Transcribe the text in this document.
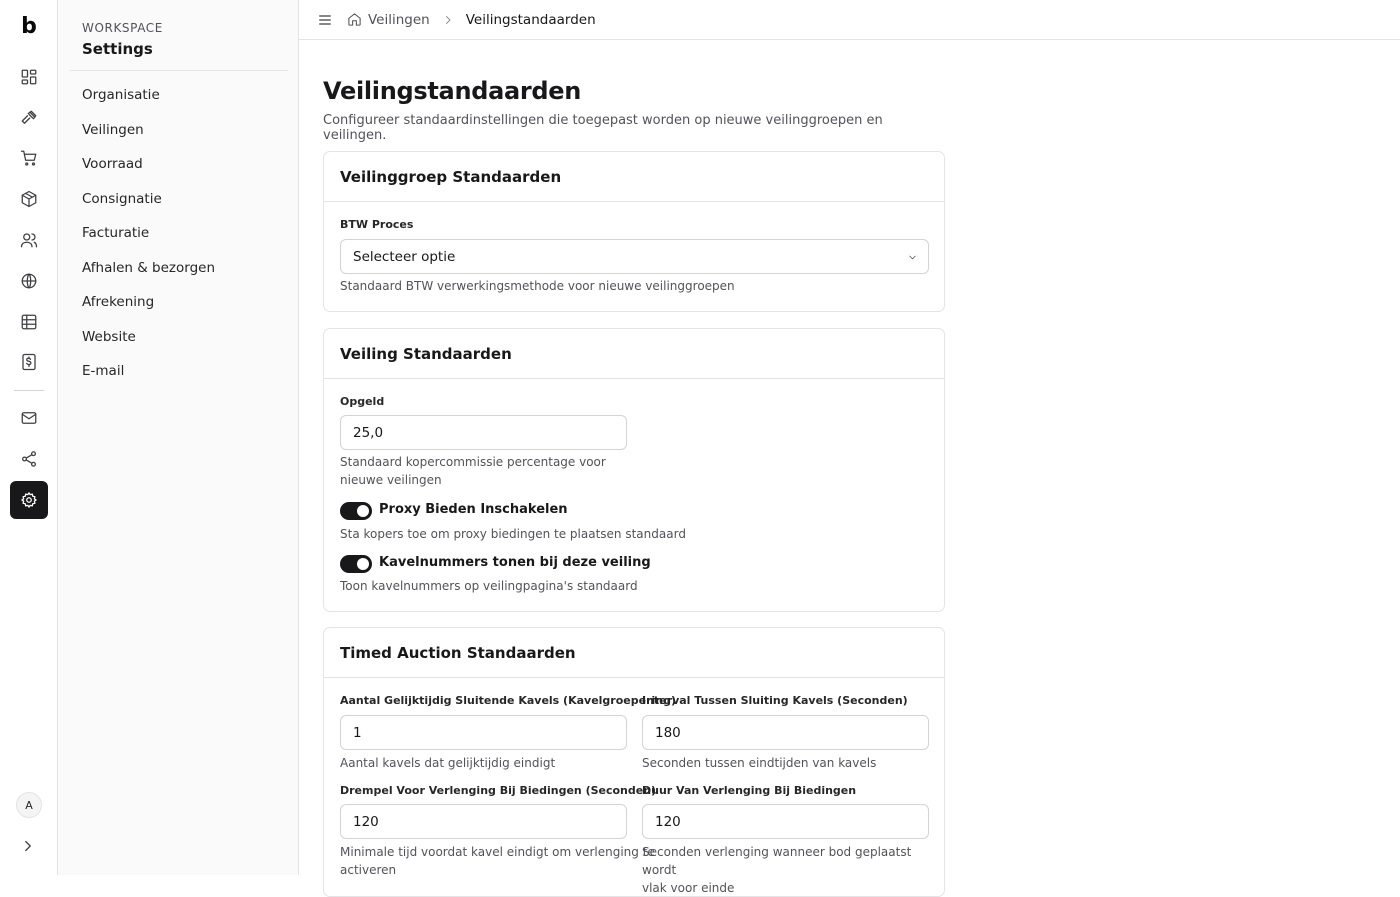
b
A
WORKSPACE
Settings
Organisatie
Veilingen
Voorraad
Consignatie
Facturatie
Afhalen & bezorgen
Afrekening
Website
E-mail
Veilingen	Veilingstandaarden
Veilingstandaarden

Configureer standaardinstellingen die toegepast worden op nieuwe veilinggroepen en veilingen.

Veilinggroep Standaarden
BTW Proces
Selecteer optie
Standaard BTW verwerkingsmethode voor nieuwe veilinggroepen
Veiling Standaarden
Opgeld
25,0
Standaard kopercommissie percentage voor
nieuwe veilingen
Proxy Bieden Inschakelen
Sta kopers toe om proxy biedingen te plaatsen standaard
Kavelnummers tonen bij deze veiling
Toon kavelnummers op veilingpagina's standaard
Timed Auction Standaarden
Aantal Gelijktijdig Sluitende Kavels (Kavelgroepering)
1
Aantal kavels dat gelijktijdig eindigt
Interval Tussen Sluiting Kavels (Seconden)
180
Seconden tussen eindtijden van kavels
Drempel Voor Verlenging Bij Biedingen (Seconden)
120
Minimale tijd voordat kavel eindigt om verlenging te
activeren
Duur Van Verlenging Bij Biedingen
120
Seconden verlenging wanneer bod geplaatst wordt
vlak voor einde
